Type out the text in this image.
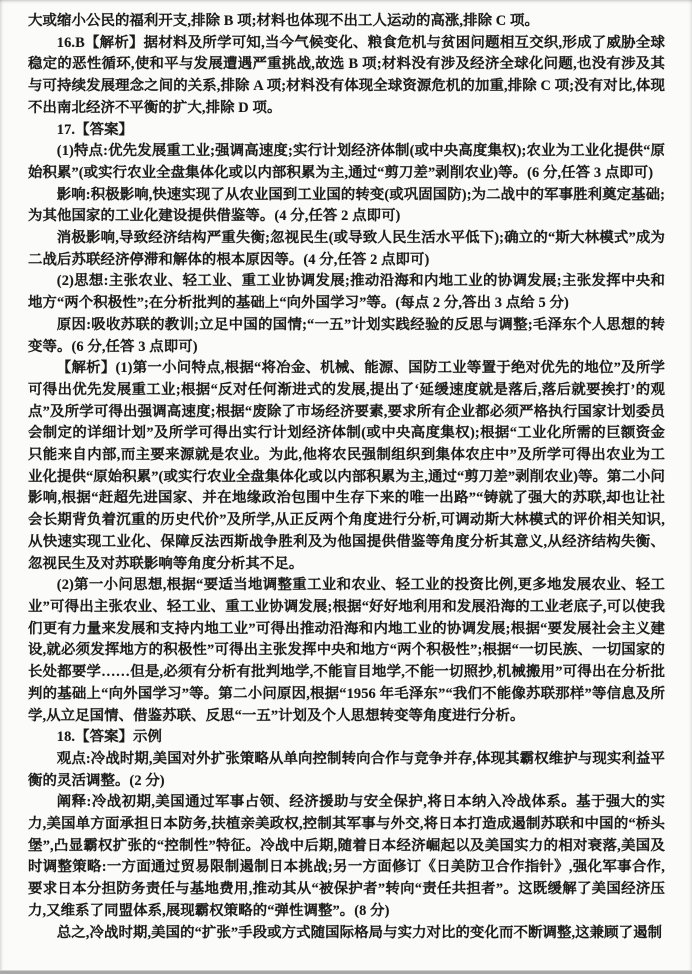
大或缩小公民的福利开支,排除 B 项;材料也体现不出工人运动的高涨,排除 C 项。

16.B【解析】据材料及所学可知,当今气候变化、粮食危机与贫困问题相互交织,形成了威胁全球稳定的恶性循环,使和平与发展遭遇严重挑战,故选 B 项;材料没有涉及经济全球化问题,也没有涉及其与可持续发展理念之间的关系,排除 A 项;材料没有体现全球资源危机的加重,排除 C 项;没有对比,体现不出南北经济不平衡的扩大,排除 D 项。

17.【答案】

(1)特点:优先发展重工业;强调高速度;实行计划经济体制(或中央高度集权);农业为工业化提供“原始积累”(或实行农业全盘集体化或以内部积累为主,通过“剪刀差”剥削农业)等。(6 分,任答 3 点即可)

影响:积极影响,快速实现了从农业国到工业国的转变(或巩固国防);为二战中的军事胜利奠定基础;为其他国家的工业化建设提供借鉴等。(4 分,任答 2 点即可)

消极影响,导致经济结构严重失衡;忽视民生(或导致人民生活水平低下);确立的“斯大林模式”成为二战后苏联经济停滞和解体的根本原因等。(4 分,任答 2 点即可)

(2)思想:主张农业、轻工业、重工业协调发展;推动沿海和内地工业的协调发展;主张发挥中央和地方“两个积极性”;在分析批判的基础上“向外国学习”等。(每点 2 分,答出 3 点给 5 分)

原因:吸收苏联的教训;立足中国的国情;“一五”计划实践经验的反思与调整;毛泽东个人思想的转变等。(6 分,任答 3 点即可)

【解析】(1)第一小问特点,根据“将冶金、机械、能源、国防工业等置于绝对优先的地位”及所学可得出优先发展重工业;根据“反对任何渐进式的发展,提出了‘延缓速度就是落后,落后就要挨打’的观点”及所学可得出强调高速度;根据“废除了市场经济要素,要求所有企业都必须严格执行国家计划委员会制定的详细计划”及所学可得出实行计划经济体制(或中央高度集权);根据“工业化所需的巨额资金只能来自内部,而主要来源就是农业。为此,他将农民强制组织到集体农庄中”及所学可得出农业为工业化提供“原始积累”(或实行农业全盘集体化或以内部积累为主,通过“剪刀差”剥削农业)等。第二小问影响,根据“赶超先进国家、并在地缘政治包围中生存下来的唯一出路”“铸就了强大的苏联,却也让社会长期背负着沉重的历史代价”及所学,从正反两个角度进行分析,可调动斯大林模式的评价相关知识,从快速实现工业化、保障反法西斯战争胜利及为他国提供借鉴等角度分析其意义,从经济结构失衡、忽视民生及对苏联影响等角度分析其不足。

(2)第一小问思想,根据“要适当地调整重工业和农业、轻工业的投资比例,更多地发展农业、轻工业”可得出主张农业、轻工业、重工业协调发展;根据“好好地利用和发展沿海的工业老底子,可以使我们更有力量来发展和支持内地工业”可得出推动沿海和内地工业的协调发展;根据“要发展社会主义建设,就必须发挥地方的积极性”可得出主张发挥中央和地方“两个积极性”;根据“一切民族、一切国家的长处都要学……但是,必须有分析有批判地学,不能盲目地学,不能一切照抄,机械搬用”可得出在分析批判的基础上“向外国学习”等。第二小问原因,根据“1956 年毛泽东”“我们不能像苏联那样”等信息及所学,从立足国情、借鉴苏联、反思“一五”计划及个人思想转变等角度进行分析。

18.【答案】示例

观点:冷战时期,美国对外扩张策略从单向控制转向合作与竞争并存,体现其霸权维护与现实利益平衡的灵活调整。(2 分)

阐释:冷战初期,美国通过军事占领、经济援助与安全保护,将日本纳入冷战体系。基于强大的实力,美国单方面承担日本防务,扶植亲美政权,控制其军事与外交,将日本打造成遏制苏联和中国的“桥头堡”,凸显霸权扩张的“控制性”特征。冷战中后期,随着日本经济崛起以及美国实力的相对衰落,美国及时调整策略:一方面通过贸易限制遏制日本挑战;另一方面修订《日美防卫合作指针》,强化军事合作,要求日本分担防务责任与基地费用,推动其从“被保护者”转向“责任共担者”。这既缓解了美国经济压力,又维系了同盟体系,展现霸权策略的“弹性调整”。(8 分)

总之,冷战时期,美国的“扩张”手段或方式随国际格局与实力对比的变化而不断调整,这兼顾了遏制
